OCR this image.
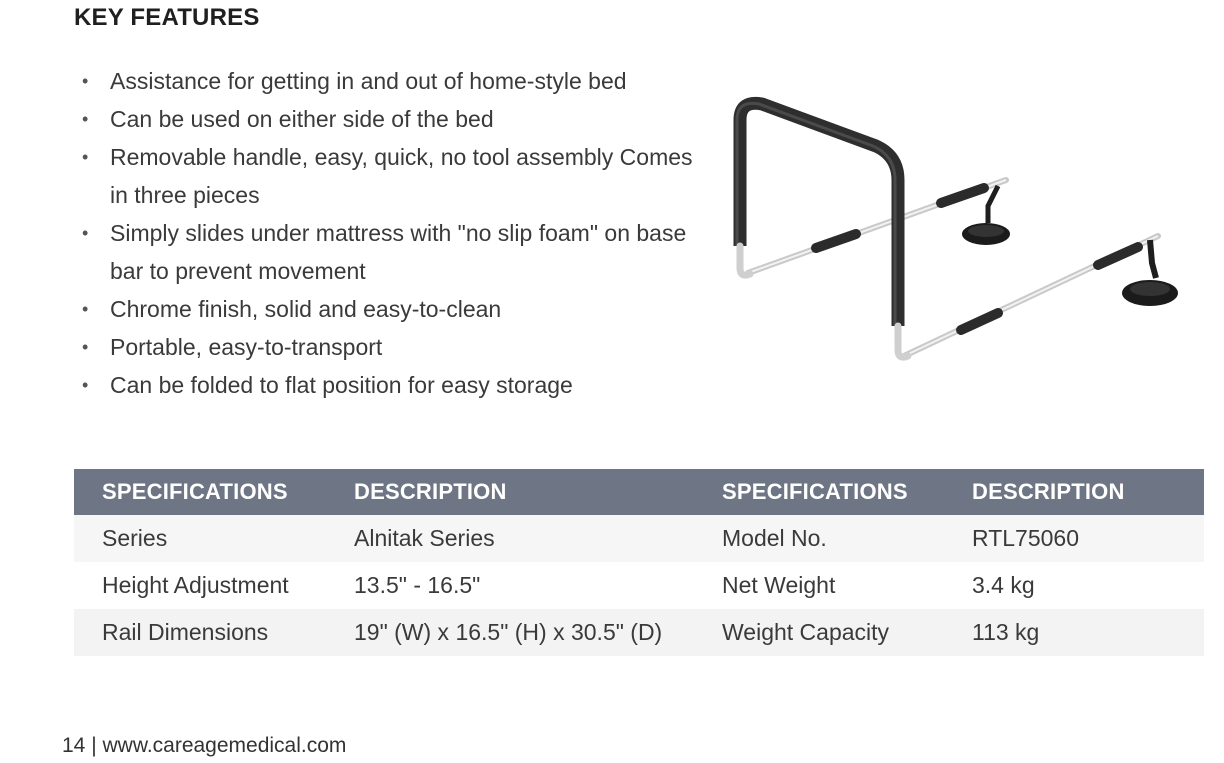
KEY FEATURES
• Assistance for getting in and out of home-style bed
• Can be used on either side of the bed
• Removable handle, easy, quick, no tool assembly Comes
in three pieces
• Simply slides under mattress with "no slip foam" on base
bar to prevent movement
• Chrome finish, solid and easy-to-clean
• Portable, easy-to-transport
• Can be folded to flat position for easy storage
SPECIFICATIONS	DESCRIPTION	SPECIFICATIONS	DESCRIPTION
Series	Alnitak Series	Model No.	RTL75060
Height Adjustment	13.5" - 16.5"	Net Weight	3.4 kg
Rail Dimensions	19" (W) x 16.5" (H) x 30.5" (D)	Weight Capacity	113 kg
14 | www.careagemedical.com
